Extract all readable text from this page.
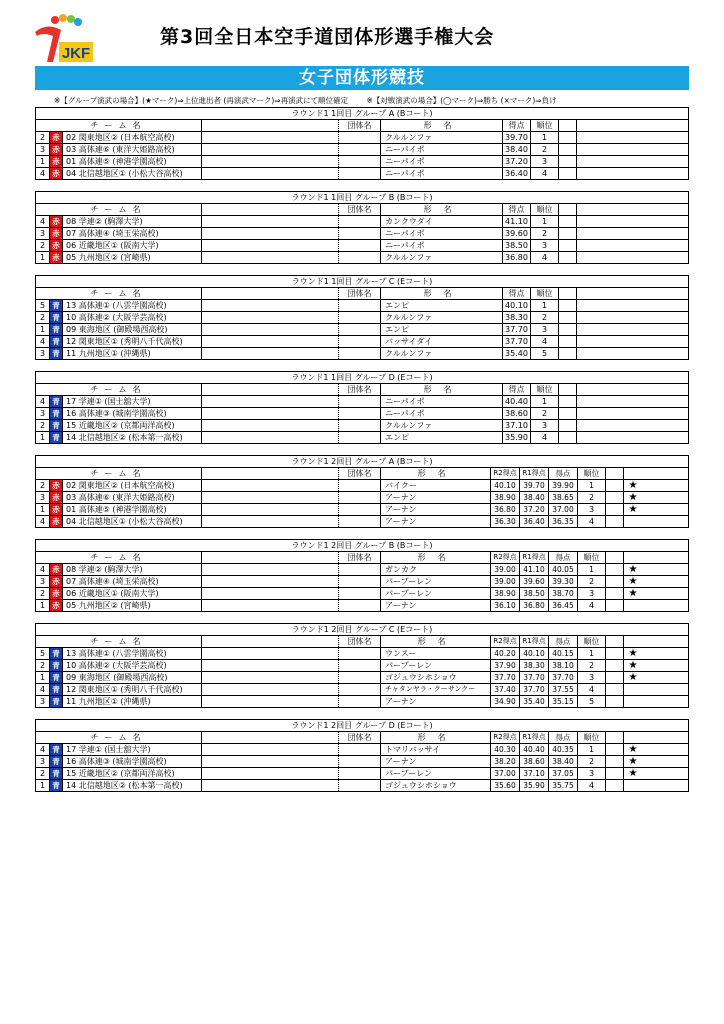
JKF
第3回全日本空手道団体形選手権大会
女子団体形競技
※【グループ演武の場合】(★マーク)⇒上位進出者 (再演武マーク)⇒再演武にて順位確定 ※【対戦演武の場合】(◯マーク)⇒勝ち (×マーク)⇒負け
ラウンド1 1回目 グループ A (Bコート)
チーム名	団体名	形名	得点	順位
2 赤 02 関東地区② (日本航空高校)	クルルンファ	39.70	1
3 赤 03 高体連⑥ (東洋大姫路高校)	ニーパイポ	38.40	2
1 赤 01 高体連⑤ (神港学園高校)	ニーパイポ	37.20	3
4 赤 04 北信越地区① (小松大谷高校)	ニーパイポ	36.40	4
ラウンド1 1回目 グループ B (Bコート)
チーム名	団体名	形名	得点	順位
4 赤 08 学連② (駒澤大学)	カンクウダイ	41.10	1
3 赤 07 高体連④ (埼玉栄高校)	ニーパイポ	39.60	2
2 赤 06 近畿地区① (阪南大学)	ニーパイポ	38.50	3
1 赤 05 九州地区② (宮崎県)	クルルンファ	36.80	4
ラウンド1 1回目 グループ C (Eコート)
チーム名	団体名	形名	得点	順位
5 青 13 高体連① (八雲学園高校)	エンピ	40.10	1
2 青 10 高体連② (大阪学芸高校)	クルルンファ	38.30	2
1 青 09 東海地区 (御殿場西高校)	エンピ	37.70	3
4 青 12 関東地区① (秀明八千代高校)	バッサイダイ	37.70	4
3 青 11 九州地区① (沖縄県)	クルルンファ	35.40	5
ラウンド1 1回目 グループ D (Eコート)
チーム名	団体名	形名	得点	順位
4 青 17 学連① (国士舘大学)	ニーパイポ	40.40	1
3 青 16 高体連③ (城南学園高校)	ニーパイポ	38.60	2
2 青 15 近畿地区② (京都両洋高校)	クルルンファ	37.10	3
1 青 14 北信越地区② (松本第一高校)	エンピ	35.90	4
ラウンド1 2回目 グループ A (Bコート)
チーム名	団体名	形名	R2得点 R1得点	得点	順位
2 赤 02 関東地区② (日本航空高校)	バイクー	40.10	39.70	39.90	1	★
3 赤 03 高体連⑥ (東洋大姫路高校)	アーナン	38.90	38.40	38.65	2	★
1 赤 01 高体連⑤ (神港学園高校)	アーナン	36.80	37.20	37.00	3	★
4 赤 04 北信越地区① (小松大谷高校)	アーナン	36.30	36.40	36.35	4
ラウンド1 2回目 グループ B (Bコート)
チーム名	団体名	形名	R2得点 R1得点	得点	順位
4 赤 08 学連② (駒澤大学)	ガンカク	39.00	41.10	40.05	1	★
3 赤 07 高体連④ (埼玉栄高校)	パープーレン	39.00	39.60	39.30	2	★
2 赤 06 近畿地区① (阪南大学)	パープーレン	38.90	38.50	38.70	3	★
1 赤 05 九州地区② (宮崎県)	アーナン	36.10	36.80	36.45	4
ラウンド1 2回目 グループ C (Eコート)
チーム名	団体名	形名	R2得点 R1得点	得点	順位
5 青 13 高体連① (八雲学園高校)	ウンスー	40.20	40.10	40.15	1	★
2 青 10 高体連② (大阪学芸高校)	パープーレン	37.90	38.30	38.10	2	★
1 青 09 東海地区 (御殿場西高校)	ゴジュウシホショウ	37.70	37.70	37.70	3	★
4 青 12 関東地区① (秀明八千代高校)	チャタンヤラ・クーサンクー	37.40	37.70	37.55	4
3 青 11 九州地区① (沖縄県)	アーナン	34.90	35.40	35.15	5
ラウンド1 2回目 グループ D (Eコート)
チーム名	団体名	形名	R2得点 R1得点	得点	順位
4 青 17 学連① (国士舘大学)	トマリバッサイ	40.30	40.40	40.35	1	★
3 青 16 高体連③ (城南学園高校)	アーナン	38.20	38.60	38.40	2	★
2 青 15 近畿地区② (京都両洋高校)	パープーレン	37.00	37.10	37.05	3	★
1 青 14 北信越地区② (松本第一高校)	ゴジュウシホショウ	35.60	35.90	35.75	4
